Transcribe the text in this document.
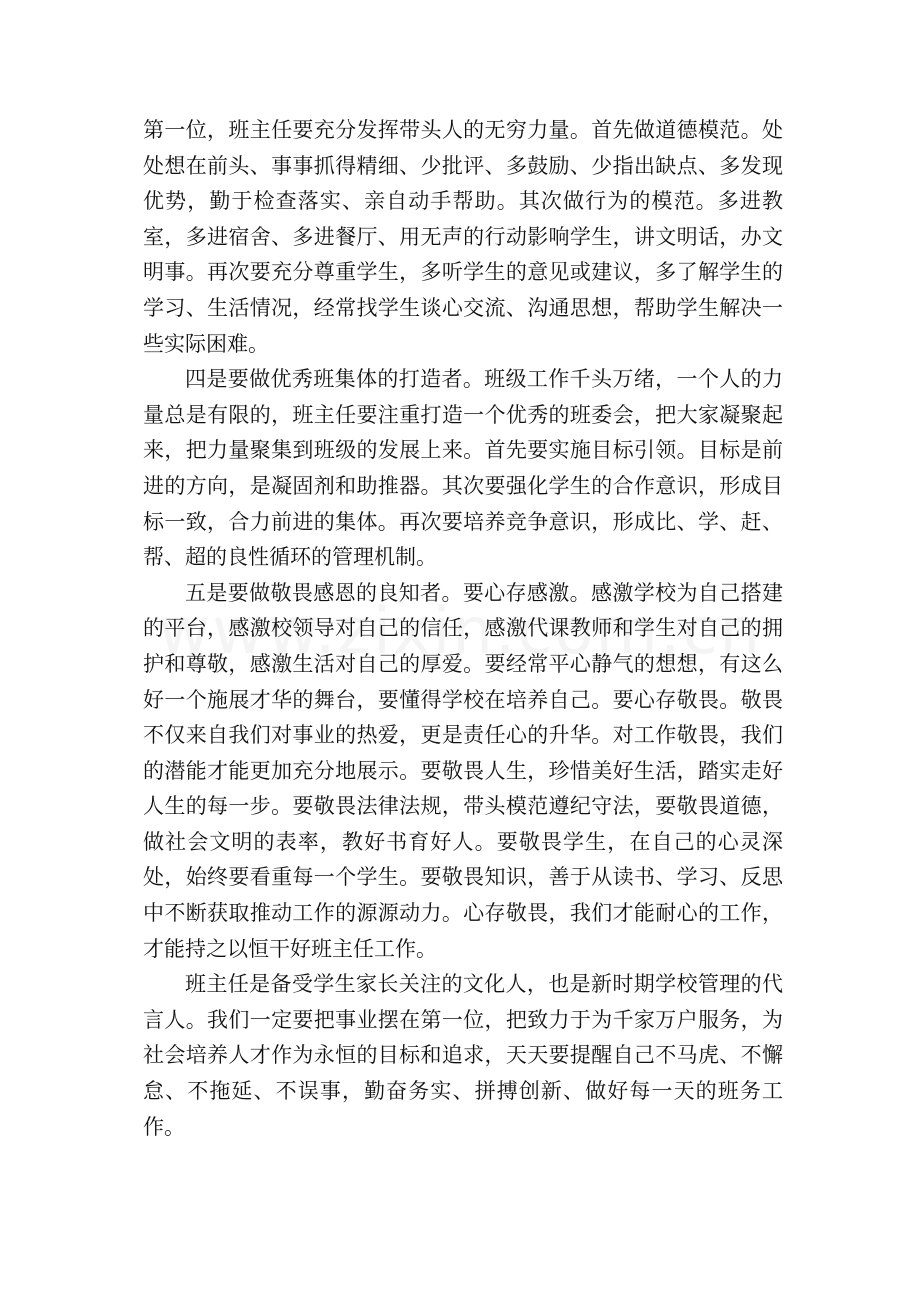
第一位，班主任要充分发挥带头人的无穷力量。首先做道德模范。处处想在前头、事事抓得精细、少批评、多鼓励、少指出缺点、多发现优势，勤于检查落实、亲自动手帮助。其次做行为的模范。多进教室，多进宿舍、多进餐厅、用无声的行动影响学生，讲文明话，办文明事。再次要充分尊重学生，多听学生的意见或建议，多了解学生的学习、生活情况，经常找学生谈心交流、沟通思想，帮助学生解决一些实际困难。

四是要做优秀班集体的打造者。班级工作千头万绪，一个人的力量总是有限的，班主任要注重打造一个优秀的班委会，把大家凝聚起来，把力量聚集到班级的发展上来。首先要实施目标引领。目标是前进的方向，是凝固剂和助推器。其次要强化学生的合作意识，形成目标一致，合力前进的集体。再次要培养竞争意识，形成比、学、赶、帮、超的良性循环的管理机制。

五是要做敬畏感恩的良知者。要心存感激。感激学校为自己搭建的平台，感激校领导对自己的信任，感激代课教师和学生对自己的拥护和尊敬，感激生活对自己的厚爱。要经常平心静气的想想，有这么好一个施展才华的舞台，要懂得学校在培养自己。要心存敬畏。敬畏不仅来自我们对事业的热爱，更是责任心的升华。对工作敬畏，我们的潜能才能更加充分地展示。要敬畏人生，珍惜美好生活，踏实走好人生的每一步。要敬畏法律法规，带头模范遵纪守法，要敬畏道德，做社会文明的表率，教好书育好人。要敬畏学生，在自己的心灵深处，始终要看重每一个学生。要敬畏知识，善于从读书、学习、反思中不断获取推动工作的源源动力。心存敬畏，我们才能耐心的工作，才能持之以恒干好班主任工作。

班主任是备受学生家长关注的文化人，也是新时期学校管理的代言人。我们一定要把事业摆在第一位，把致力于为千家万户服务，为社会培养人才作为永恒的目标和追求，天天要提醒自己不马虎、不懈怠、不拖延、不误事，勤奋务实、拼搏创新、做好每一天的班务工作。
